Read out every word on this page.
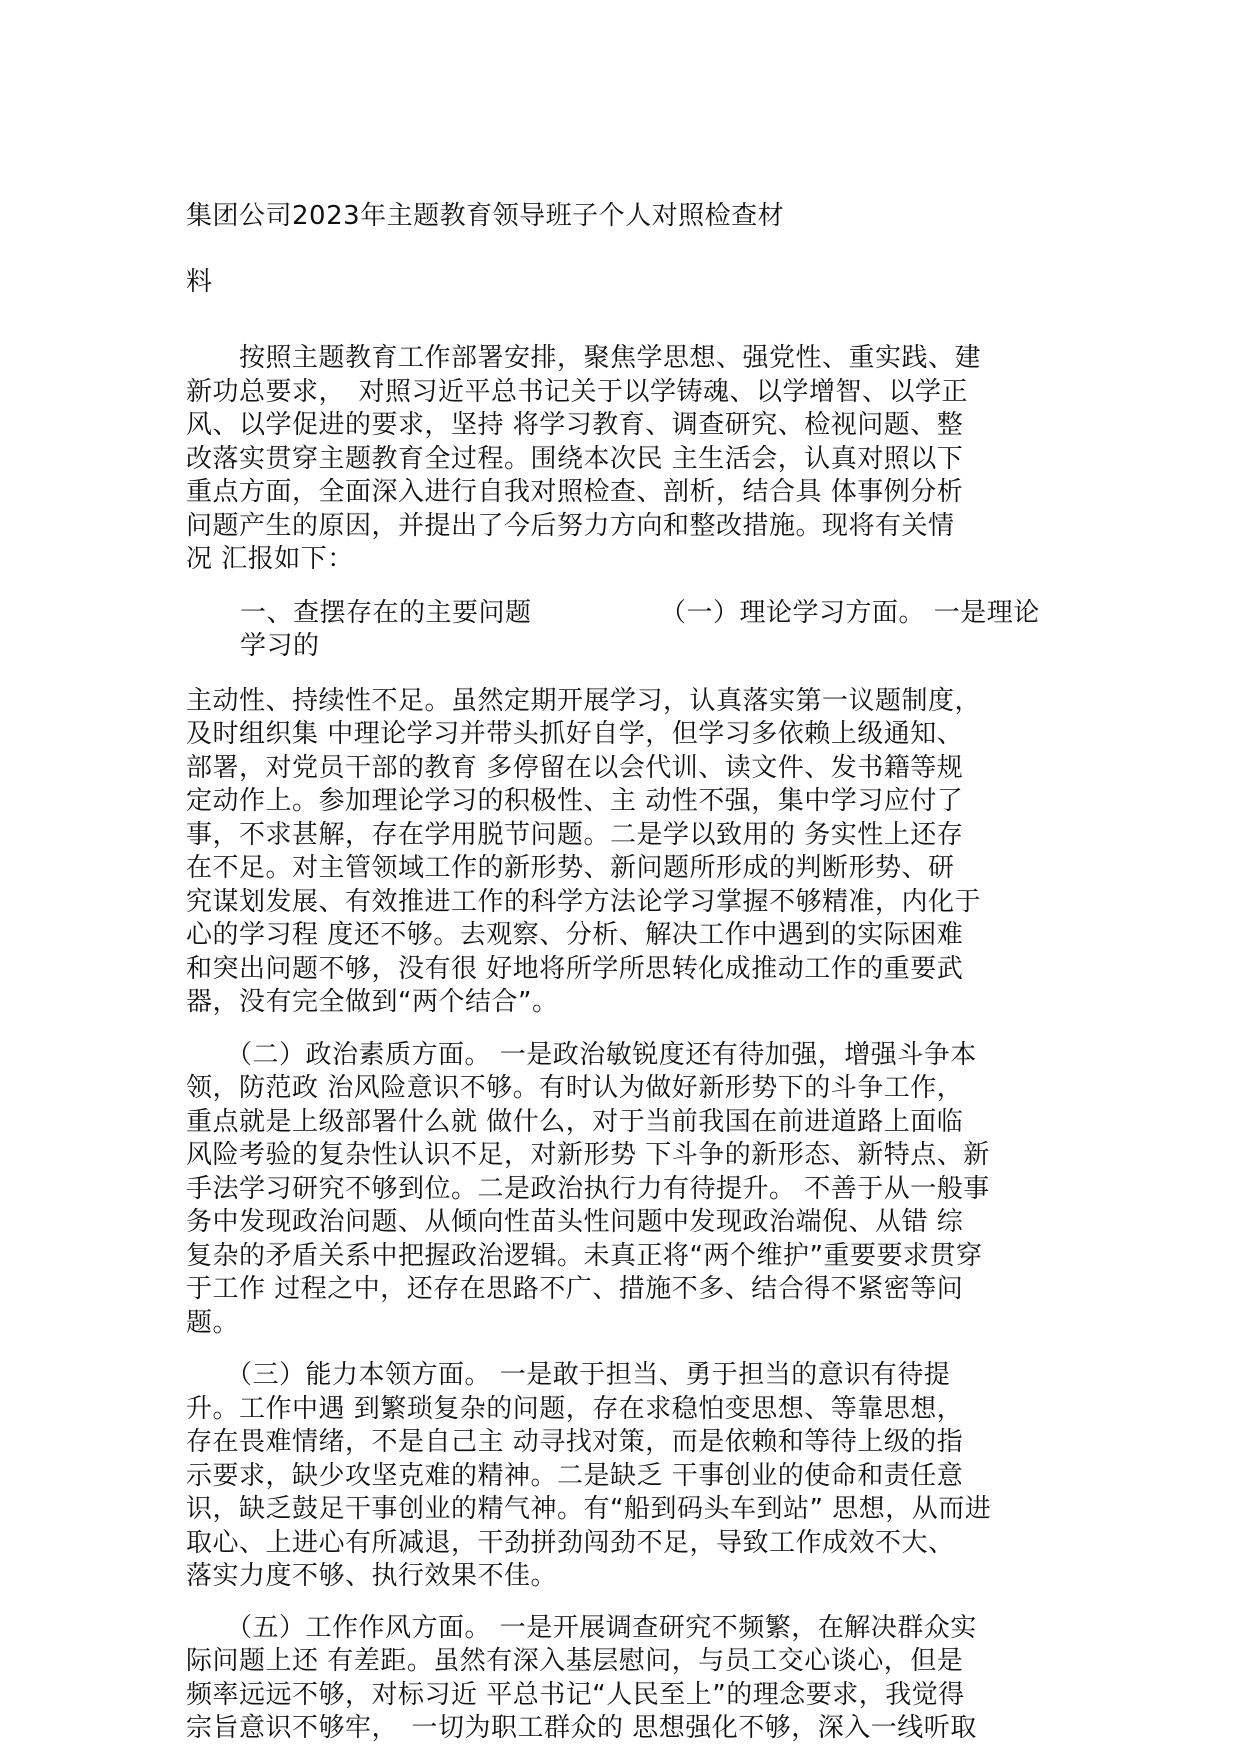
集团公司2023年主题教育领导班子个人对照检查材
料
　　按照主题教育工作部署安排，聚焦学思想、强党性、重实践、建
新功总要求，　对照习近平总书记关于以学铸魂、以学增智、以学正
风、以学促进的要求，坚持 将学习教育、调查研究、检视问题、整
改落实贯穿主题教育全过程。围绕本次民 主生活会，认真对照以下
重点方面，全面深入进行自我对照检查、剖析，结合具 体事例分析
问题产生的原因，并提出了今后努力方向和整改措施。现将有关情
况 汇报如下：
一、查摆存在的主要问题
学习的
（一）理论学习方面。 一是理论
主动性、持续性不足。虽然定期开展学习，认真落实第一议题制度，
及时组织集 中理论学习并带头抓好自学，但学习多依赖上级通知、
部署，对党员干部的教育 多停留在以会代训、读文件、发书籍等规
定动作上。参加理论学习的积极性、主 动性不强，集中学习应付了
事，不求甚解，存在学用脱节问题。二是学以致用的 务实性上还存
在不足。对主管领域工作的新形势、新问题所形成的判断形势、研
究谋划发展、有效推进工作的科学方法论学习掌握不够精准，内化于
心的学习程 度还不够。去观察、分析、解决工作中遇到的实际困难
和突出问题不够，没有很 好地将所学所思转化成推动工作的重要武
器，没有完全做到“两个结合”。
　　（二）政治素质方面。 一是政治敏锐度还有待加强，增强斗争本
领，防范政 治风险意识不够。有时认为做好新形势下的斗争工作，
重点就是上级部署什么就 做什么，对于当前我国在前进道路上面临
风险考验的复杂性认识不足，对新形势 下斗争的新形态、新特点、新
手法学习研究不够到位。二是政治执行力有待提升。 不善于从一般事
务中发现政治问题、从倾向性苗头性问题中发现政治端倪、从错 综
复杂的矛盾关系中把握政治逻辑。未真正将“两个维护”重要要求贯穿
于工作 过程之中，还存在思路不广、措施不多、结合得不紧密等问
题。
　　（三）能力本领方面。 一是敢于担当、勇于担当的意识有待提
升。工作中遇 到繁琐复杂的问题，存在求稳怕变思想、等靠思想，
存在畏难情绪，不是自己主 动寻找对策，而是依赖和等待上级的指
示要求，缺少攻坚克难的精神。二是缺乏 干事创业的使命和责任意
识，缺乏鼓足干事创业的精气神。有“船到码头车到站” 思想，从而进
取心、上进心有所减退，干劲拼劲闯劲不足，导致工作成效不大、
落实力度不够、执行效果不佳。
　　（五）工作作风方面。 一是开展调查研究不频繁，在解决群众实
际问题上还 有差距。虽然有深入基层慰问，与员工交心谈心，但是
频率远远不够，对标习近 平总书记“人民至上”的理念要求，我觉得
宗旨意识不够牢，　一切为职工群众的 思想强化不够，深入一线听取
